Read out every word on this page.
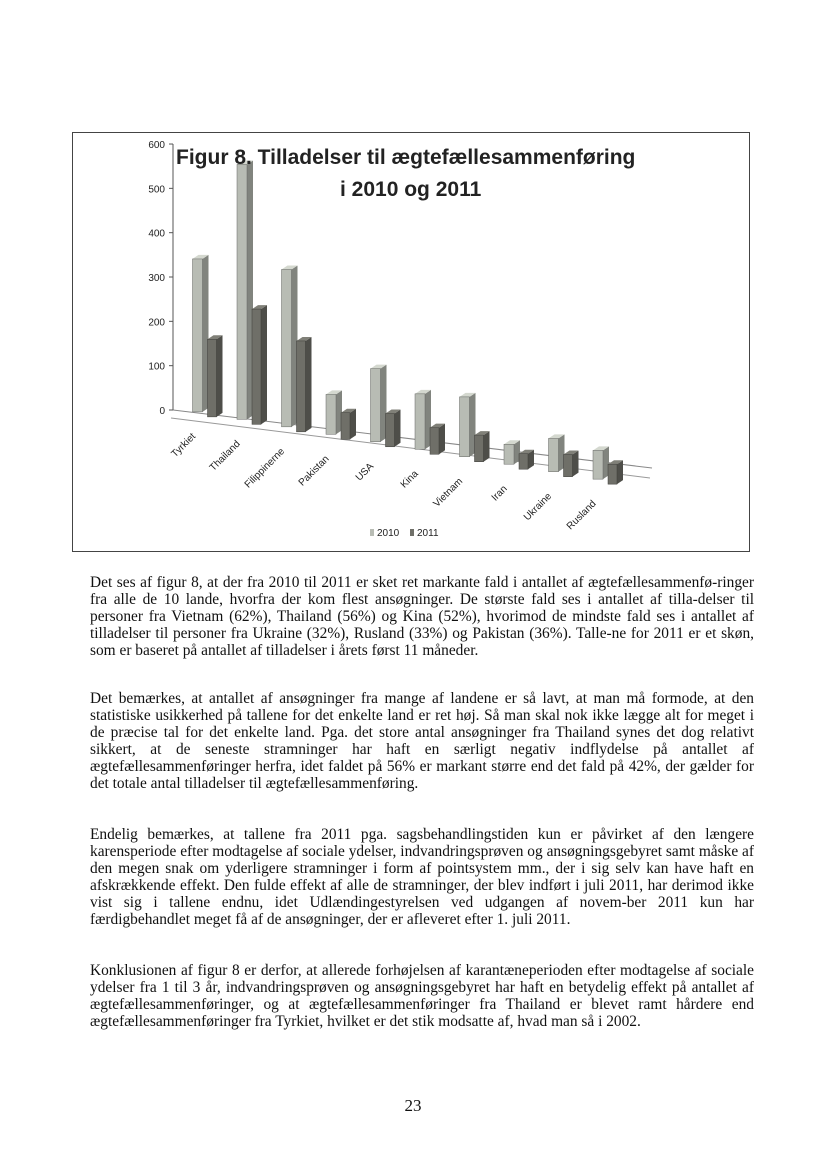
0
100
200
300
400
500
600
Tyrkiet Thailand Filippinerne Pakistan USA Kina Vietnam Iran Ukraine Rusland
2010 2011
Figur 8. Tilladelser til ægtefællesammenføring
i 2010 og 2011

Det ses af figur 8, at der fra 2010 til 2011 er sket ret markante fald i antallet af ægtefællesammenfø-ringer fra alle de 10 lande, hvorfra der kom flest ansøgninger. De største fald ses i antallet af tilla-delser til personer fra Vietnam (62%), Thailand (56%) og Kina (52%), hvorimod de mindste fald ses i antallet af tilladelser til personer fra Ukraine (32%), Rusland (33%) og Pakistan (36%). Talle-ne for 2011 er et skøn, som er baseret på antallet af tilladelser i årets først 11 måneder.

Det bemærkes, at antallet af ansøgninger fra mange af landene er så lavt, at man må formode, at den statistiske usikkerhed på tallene for det enkelte land er ret høj. Så man skal nok ikke lægge alt for meget i de præcise tal for det enkelte land. Pga. det store antal ansøgninger fra Thailand synes det dog relativt sikkert, at de seneste stramninger har haft en særligt negativ indflydelse på antallet af ægtefællesammenføringer herfra, idet faldet på 56% er markant større end det fald på 42%, der gælder for det totale antal tilladelser til ægtefællesammenføring.

Endelig bemærkes, at tallene fra 2011 pga. sagsbehandlingstiden kun er påvirket af den længere karensperiode efter modtagelse af sociale ydelser, indvandringsprøven og ansøgningsgebyret samt måske af den megen snak om yderligere stramninger i form af pointsystem mm., der i sig selv kan have haft en afskrækkende effekt. Den fulde effekt af alle de stramninger, der blev indført i juli 2011, har derimod ikke vist sig i tallene endnu, idet Udlændingestyrelsen ved udgangen af novem-ber 2011 kun har færdigbehandlet meget få af de ansøgninger, der er afleveret efter 1. juli 2011.

Konklusionen af figur 8 er derfor, at allerede forhøjelsen af karantæneperioden efter modtagelse af sociale ydelser fra 1 til 3 år, indvandringsprøven og ansøgningsgebyret har haft en betydelig effekt på antallet af ægtefællesammenføringer, og at ægtefællesammenføringer fra Thailand er blevet ramt hårdere end ægtefællesammenføringer fra Tyrkiet, hvilket er det stik modsatte af, hvad man så i 2002.

23
